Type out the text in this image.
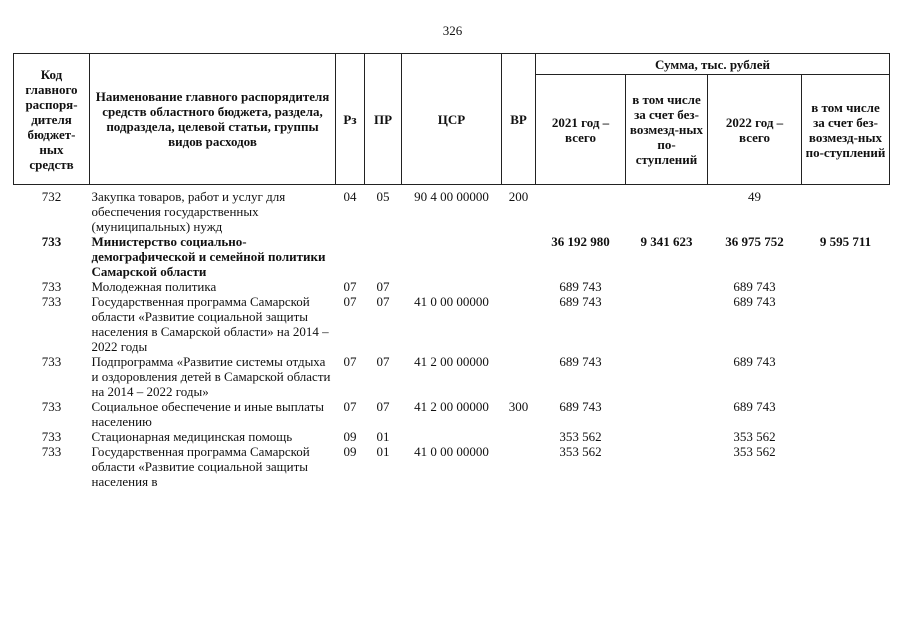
326
Код главного распоря-дителя бюджет-ных средств	Наименование главного распорядителя средств областного бюджета, раздела, подраздела, целевой статьи, группы видов расходов	Рз	ПР	ЦСР	ВР	Сумма, тыс. рублей			
						2021 год – всего	в том числе за счет без-возмезд-ных по-ступлений	2022 год – всего	в том числе за счет без-возмезд-ных по-ступлений

732	Закупка товаров, работ и услуг для обеспечения государственных (муниципальных) нужд	04	05	90 4 00 00000	200			49	
733	Министерство социально-демографической и семейной политики Самарской области					36 192 980	9 341 623	36 975 752	9 595 711
733	Молодежная политика	07	07			689 743		689 743	
733	Государственная программа Самарской области «Развитие социальной защиты населения в Самарской области» на 2014 – 2022 годы	07	07	41 0 00 00000		689 743		689 743	
733	Подпрограмма «Развитие системы отдыха и оздоровления детей в Самарской области на 2014 – 2022 годы»	07	07	41 2 00 00000		689 743		689 743	
733	Социальное обеспечение и иные выплаты населению	07	07	41 2 00 00000	300	689 743		689 743	
733	Стационарная медицинская помощь	09	01			353 562		353 562	
733	Государственная программа Самарской области «Развитие социальной защиты населения в	09	01	41 0 00 00000		353 562		353 562	
